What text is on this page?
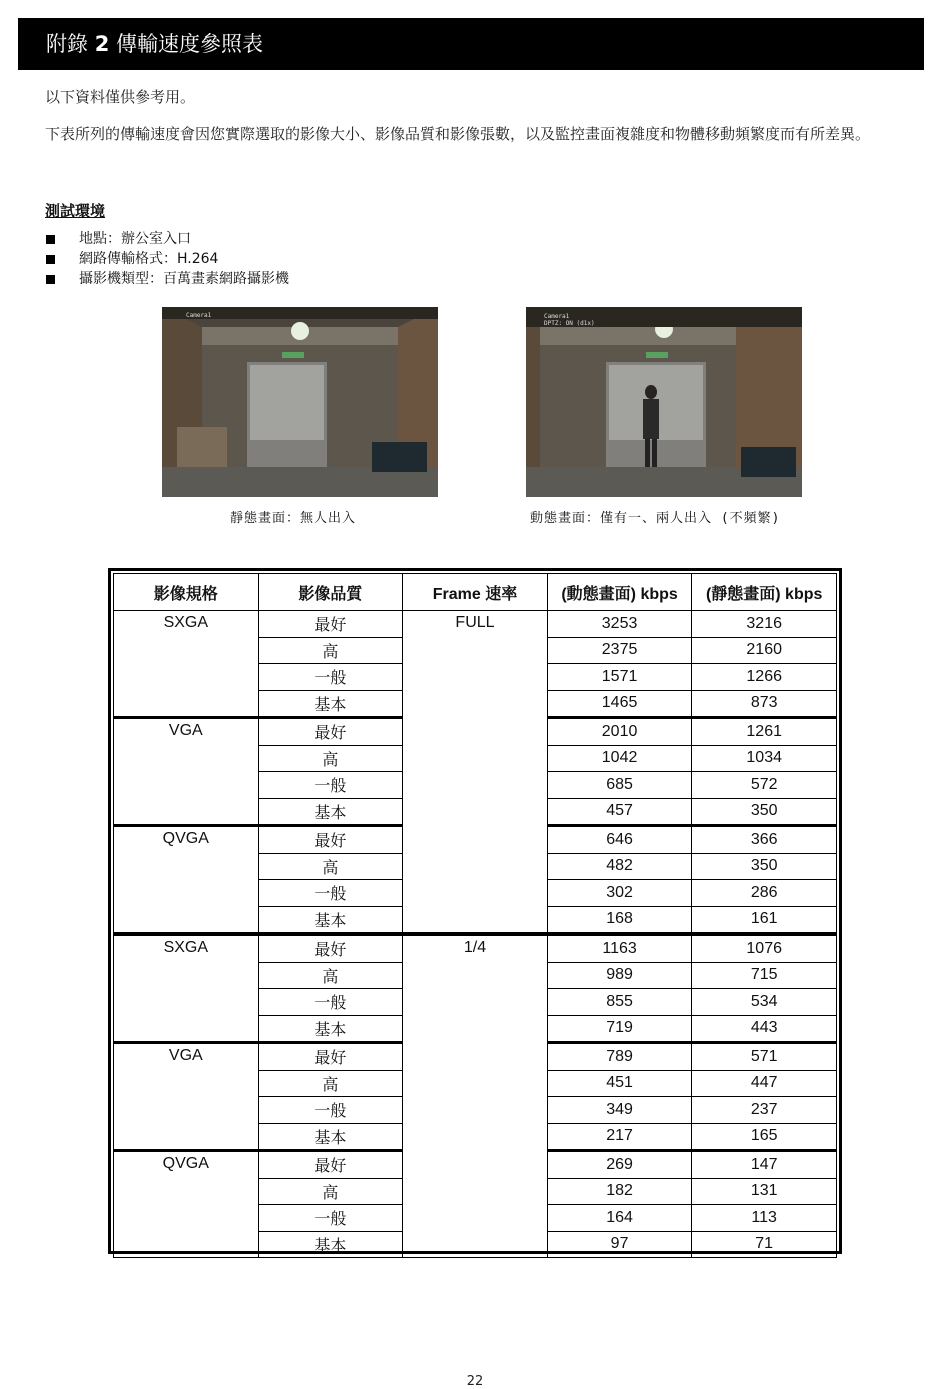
附錄 2 傳輸速度參照表
以下資料僅供參考用。
下表所列的傳輸速度會因您實際選取的影像大小、影像品質和影像張數，以及監控畫面複雜度和物體移動頻繁度而有所差異。
測試環境
地點：辦公室入口
網路傳輸格式：H.264
攝影機類型：百萬畫素網路攝影機
Camera1	Camera1
DPTZ: ON (d1x)
靜態畫面：無人出入	動態畫面：僅有一、兩人出入 (不頻繁)
影像規格	影像品質	Frame 速率	(動態畫面) kbps	(靜態畫面) kbps
SXGA	最好	FULL	3253	3216
	高		2375	2160
	一般		1571	1266
	基本		1465	873
VGA	最好		2010	1261
	高		1042	1034
	一般		685	572
	基本		457	350
QVGA	最好		646	366
	高		482	350
	一般		302	286
	基本		168	161
SXGA	最好	1/4	1163	1076
	高		989	715
	一般		855	534
	基本		719	443
VGA	最好		789	571
	高		451	447
	一般		349	237
	基本		217	165
QVGA	最好		269	147
	高		182	131
	一般		164	113
	基本		97	71
22
